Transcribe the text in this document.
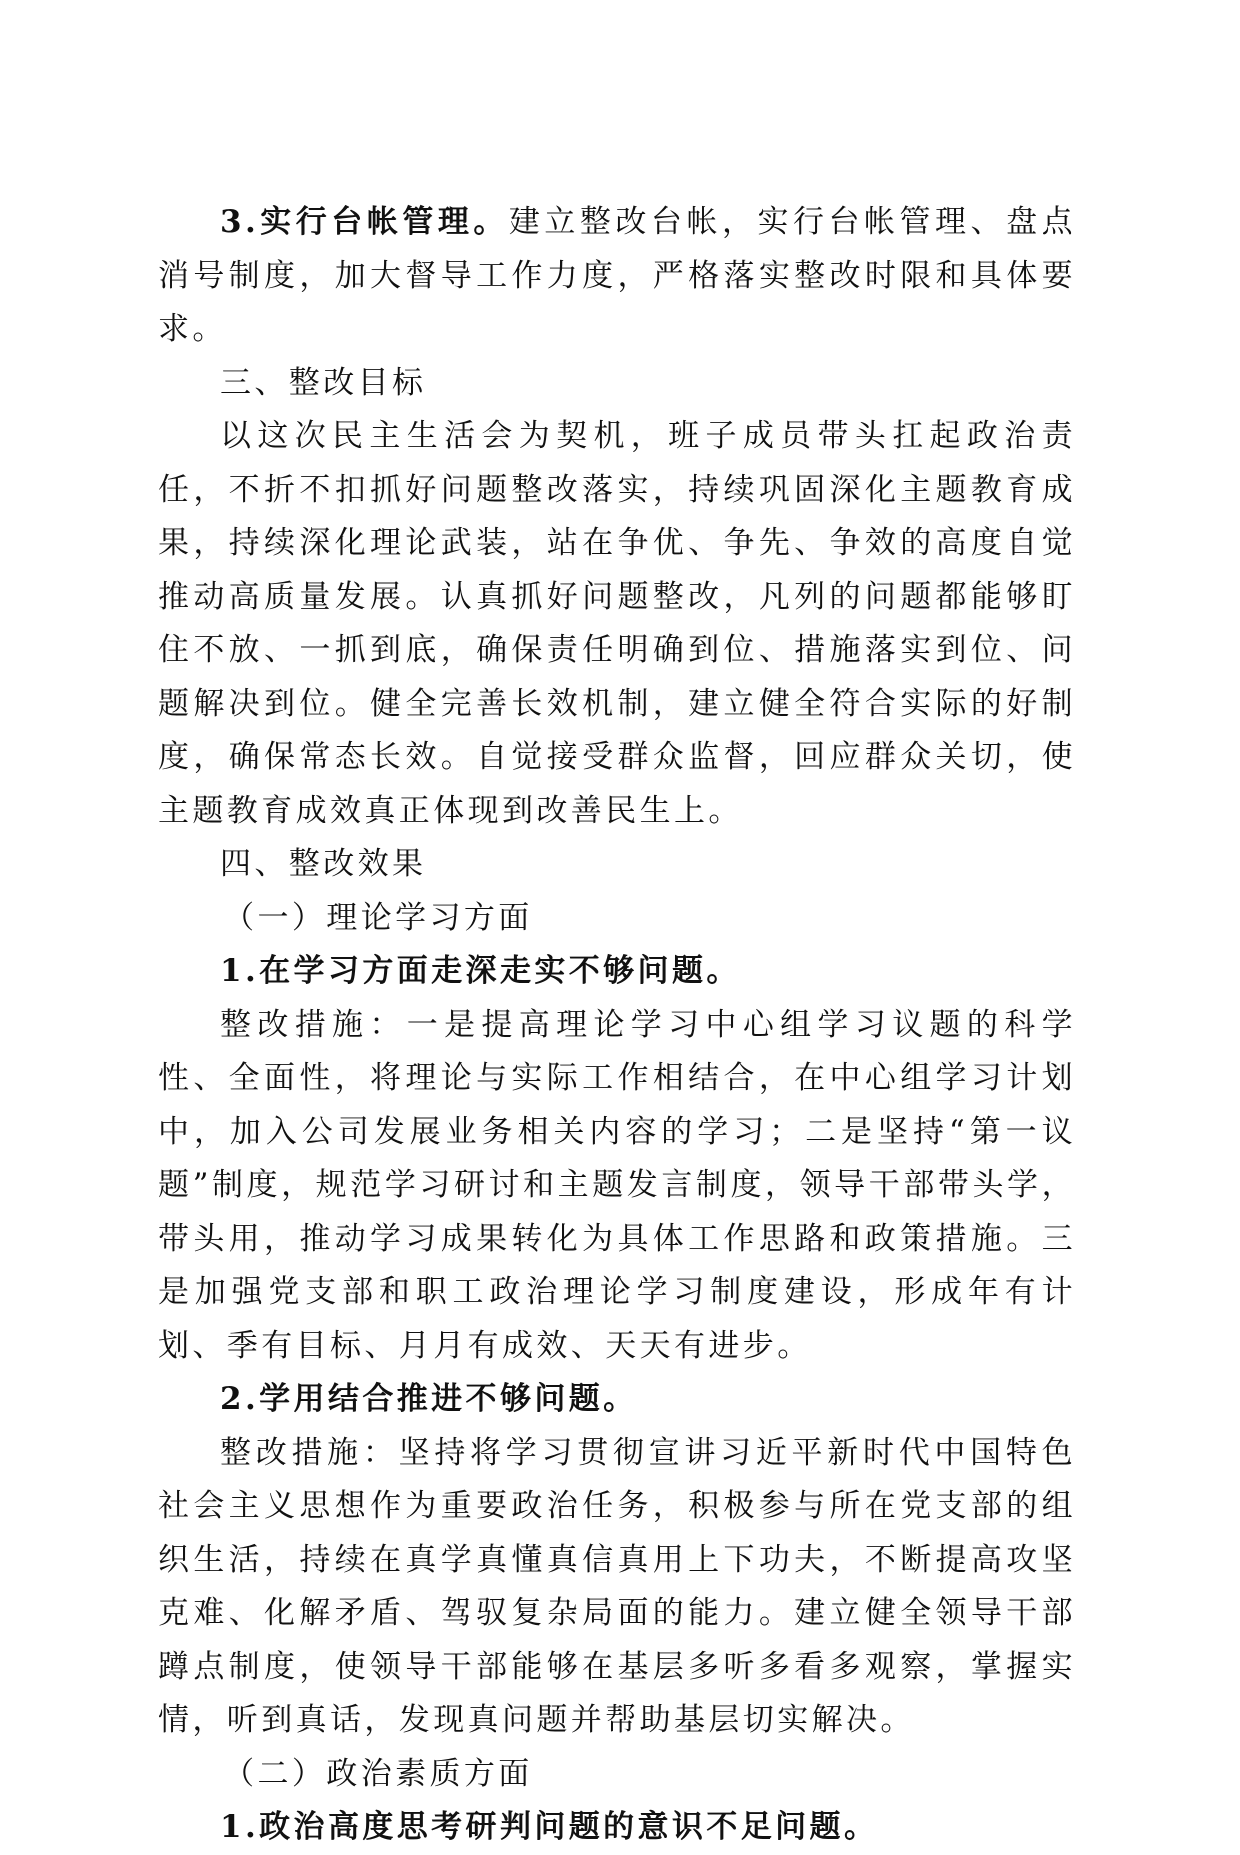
3.实行台帐管理。建立整改台帐，实行台帐管理、盘点消号制度，加大督导工作力度，严格落实整改时限和具体要求。

三、整改目标

以这次民主生活会为契机，班子成员带头扛起政治责任，不折不扣抓好问题整改落实，持续巩固深化主题教育成果，持续深化理论武装，站在争优、争先、争效的高度自觉推动高质量发展。认真抓好问题整改，凡列的问题都能够盯住不放、一抓到底，确保责任明确到位、措施落实到位、问题解决到位。健全完善长效机制，建立健全符合实际的好制度，确保常态长效。自觉接受群众监督，回应群众关切，使主题教育成效真正体现到改善民生上。

四、整改效果

（一）理论学习方面

1.在学习方面走深走实不够问题。

整改措施：一是提高理论学习中心组学习议题的科学性、全面性，将理论与实际工作相结合，在中心组学习计划中，加入公司发展业务相关内容的学习；二是坚持“第一议题”制度，规范学习研讨和主题发言制度，领导干部带头学，带头用，推动学习成果转化为具体工作思路和政策措施。三是加强党支部和职工政治理论学习制度建设，形成年有计划、季有目标、月月有成效、天天有进步。

2.学用结合推进不够问题。

整改措施：坚持将学习贯彻宣讲习近平新时代中国特色社会主义思想作为重要政治任务，积极参与所在党支部的组织生活，持续在真学真懂真信真用上下功夫，不断提高攻坚克难、化解矛盾、驾驭复杂局面的能力。建立健全领导干部蹲点制度，使领导干部能够在基层多听多看多观察，掌握实情，听到真话，发现真问题并帮助基层切实解决。

（二）政治素质方面

1.政治高度思考研判问题的意识不足问题。
